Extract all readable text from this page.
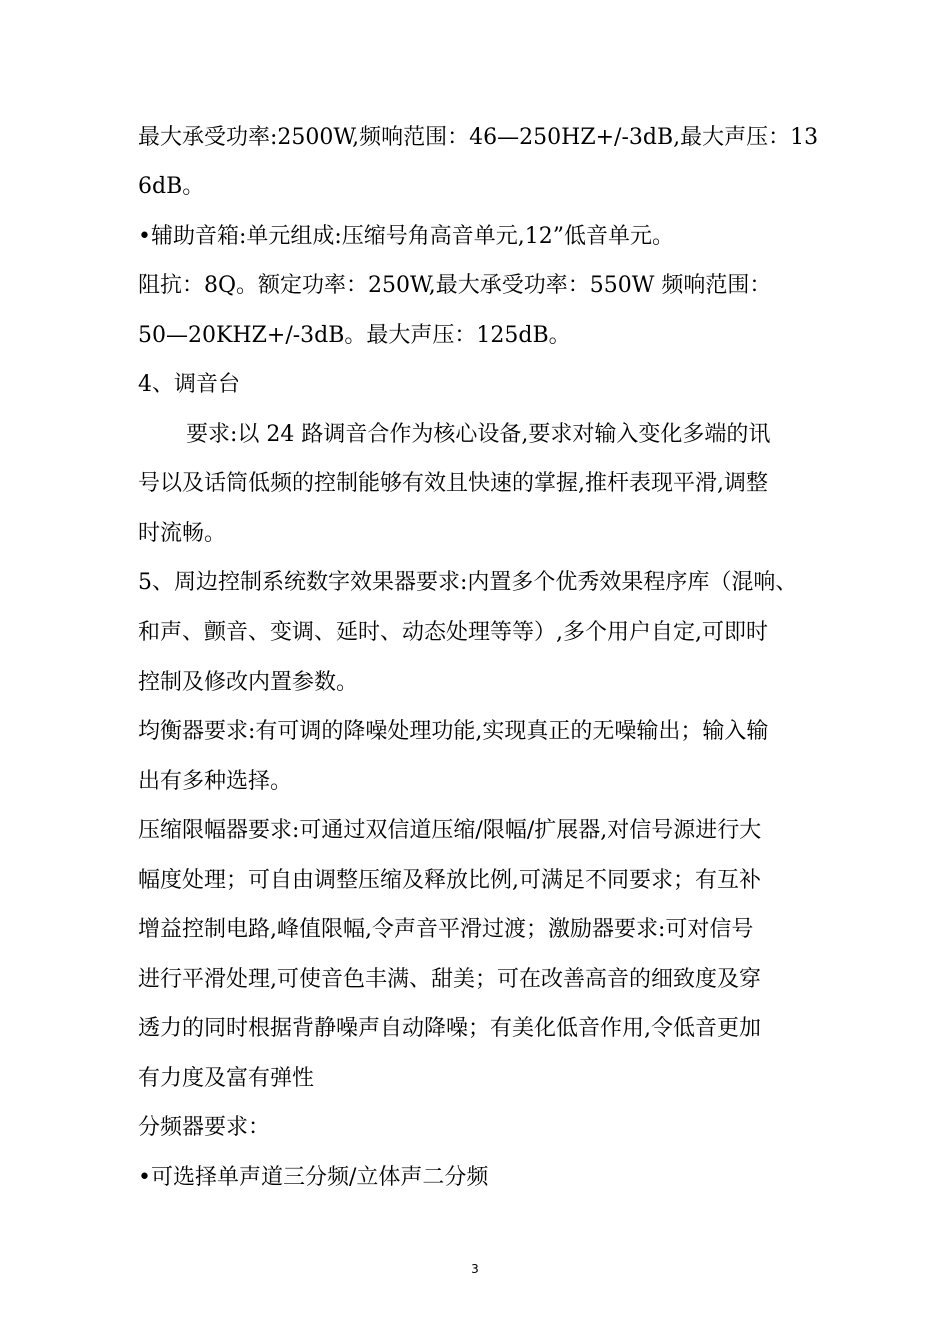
最大承受功率:2500W,频响范围：46—250HZ+/-3dB,最大声压：13
6dB。
•辅助音箱:单元组成:压缩号角高音单元,12”低音单元。
阻抗：8Q。额定功率：250W,最大承受功率：550W 频响范围：
50—20KHZ+/-3dB。最大声压：125dB。
4、调音台
要求:以 24 路调音合作为核心设备,要求对输入变化多端的讯
号以及话筒低频的控制能够有效且快速的掌握,推杆表现平滑,调整
时流畅。
5、周边控制系统数字效果器要求:内置多个优秀效果程序库（混响、
和声、颤音、变调、延时、动态处理等等）,多个用户自定,可即时
控制及修改内置参数。
均衡器要求:有可调的降噪处理功能,实现真正的无噪输出；输入输
出有多种选择。
压缩限幅器要求:可通过双信道压缩/限幅/扩展器,对信号源进行大
幅度处理；可自由调整压缩及释放比例,可满足不同要求；有互补
增益控制电路,峰值限幅,令声音平滑过渡；激励器要求:可对信号
进行平滑处理,可使音色丰满、甜美；可在改善高音的细致度及穿
透力的同时根据背静噪声自动降噪；有美化低音作用,令低音更加
有力度及富有弹性
分频器要求：
•可选择单声道三分频/立体声二分频
3
